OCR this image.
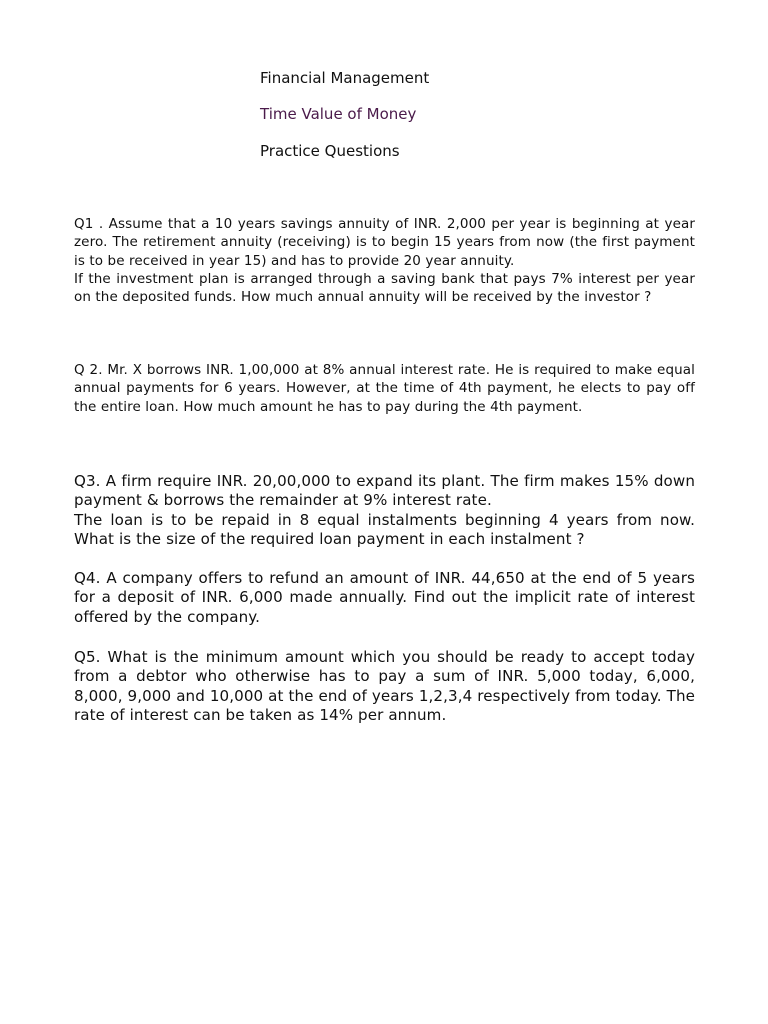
Financial Management
Time Value of Money
Practice Questions

Q1 . Assume that a 10 years savings annuity of INR. 2,000 per year is beginning at year zero. The retirement annuity (receiving) is to begin 15 years from now (the first payment is to be received in year 15) and has to provide 20 year annuity.

If the investment plan is arranged through a saving bank that pays 7% interest per year on the deposited funds. How much annual annuity will be received by the investor ?

Q 2. Mr. X borrows INR. 1,00,000 at 8% annual interest rate. He is required to make equal annual payments for 6 years. However, at the time of 4th payment, he elects to pay off the entire loan. How much amount he has to pay during the 4th payment.

Q3. A firm require INR. 20,00,000 to expand its plant. The firm makes 15% down payment & borrows the remainder at 9% interest rate.

The loan is to be repaid in 8 equal instalments beginning 4 years from now. What is the size of the required loan payment in each instalment ?

Q4. A company offers to refund an amount of INR. 44,650 at the end of 5 years for a deposit of INR. 6,000 made annually. Find out the implicit rate of interest offered by the company.

Q5. What is the minimum amount which you should be ready to accept today from a debtor who otherwise has to pay a sum of INR. 5,000 today, 6,000, 8,000, 9,000 and 10,000 at the end of years 1,2,3,4 respectively from today. The rate of interest can be taken as 14% per annum.
